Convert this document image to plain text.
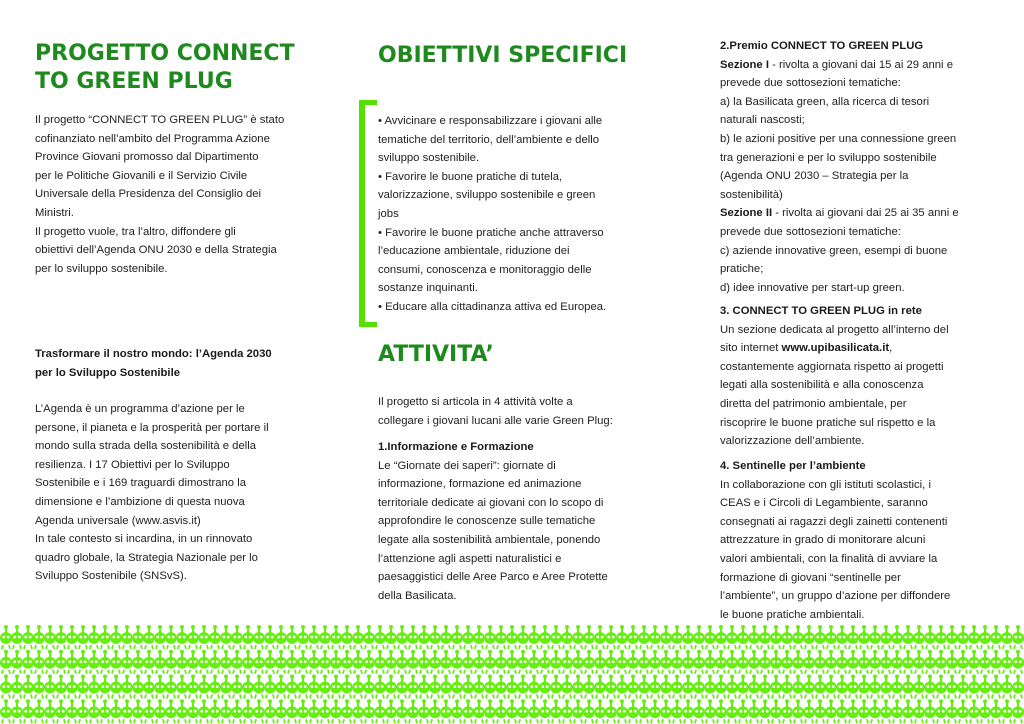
PROGETTO CONNECT

TO GREEN PLUG

Il progetto “CONNECT TO GREEN PLUG” è stato

cofinanziato nell’ambito del Programma Azione

Province Giovani promosso dal Dipartimento

per le Politiche Giovanili e il Servizio Civile

Universale della Presidenza del Consiglio dei

Ministri.

Il progetto vuole, tra l’altro, diffondere gli

obiettivi dell’Agenda ONU 2030 e della Strategia

per lo sviluppo sostenibile.

Trasformare il nostro mondo: l’Agenda 2030

per lo Sviluppo Sostenibile

L’Agenda è un programma d’azione per le

persone, il pianeta e la prosperità per portare il

mondo sulla strada della sostenibilità e della

resilienza. I 17 Obiettivi per lo Sviluppo

Sostenibile e i 169 traguardi dimostrano la

dimensione e l’ambizione di questa nuova

Agenda universale (www.asvis.it)

In tale contesto si incardina, in un rinnovato

quadro globale, la Strategia Nazionale per lo

Sviluppo Sostenibile (SNSvS).

OBIETTIVI SPECIFICI

• Avvicinare e responsabilizzare i giovani alle

tematiche del territorio, dell’ambiente e dello

sviluppo sostenibile.

• Favorire le buone pratiche di tutela,

valorizzazione, sviluppo sostenibile e green

jobs

• Favorire le buone pratiche anche attraverso

l’educazione ambientale, riduzione dei

consumi, conoscenza e monitoraggio delle

sostanze inquinanti.

• Educare alla cittadinanza attiva ed Europea.

ATTIVITA’

Il progetto si articola in 4 attività volte a

collegare i giovani lucani alle varie Green Plug:

1.Informazione e Formazione

Le “Giornate dei saperi”: giornate di

informazione, formazione ed animazione

territoriale dedicate ai giovani con lo scopo di

approfondire le conoscenze sulle tematiche

legate alla sostenibilità ambientale, ponendo

l’attenzione agli aspetti naturalistici e

paesaggistici delle Aree Parco e Aree Protette

della Basilicata.

2.Premio CONNECT TO GREEN PLUG

Sezione I - rivolta a giovani dai 15 ai 29 anni e

prevede due sottosezioni tematiche:

a) la Basilicata green, alla ricerca di tesori

naturali nascosti;

b) le azioni positive per una connessione green

tra generazioni e per lo sviluppo sostenibile

(Agenda ONU 2030 – Strategia per la

sostenibilità)

Sezione II - rivolta ai giovani dai 25 ai 35 anni e

prevede due sottosezioni tematiche:

c) aziende innovative green, esempi di buone

pratiche;

d) idee innovative per start-up green.

3. CONNECT TO GREEN PLUG in rete

Un sezione dedicata al progetto all’interno del

sito internet www.upibasilicata.it,

costantemente aggiornata rispetto ai progetti

legati alla sostenibilità e alla conoscenza

diretta del patrimonio ambientale, per

riscoprire le buone pratiche sul rispetto e la

valorizzazione dell’ambiente.

4. Sentinelle per l’ambiente

In collaborazione con gli istituti scolastici, i

CEAS e i Circoli di Legambiente, saranno

consegnati ai ragazzi degli zainetti contenenti

attrezzature in grado di monitorare alcuni

valori ambientali, con la finalità di avviare la

formazione di giovani “sentinelle per

l’ambiente”, un gruppo d’azione per diffondere

le buone pratiche ambientali.
